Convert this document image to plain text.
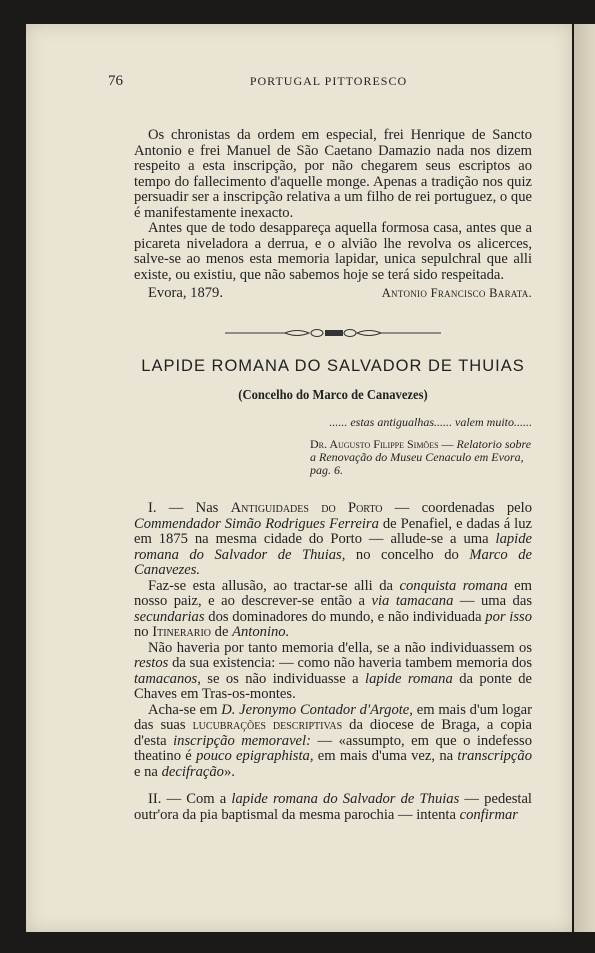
76	PORTUGAL PITTORESCO

Os chronistas da ordem em especial, frei Henrique de Sancto Antonio e frei Manuel de São Caetano Damazio nada nos dizem respeito a esta inscripção, por não chegarem seus escriptos ao tempo do fallecimento d'aquelle monge. Apenas a tradição nos quiz persuadir ser a inscripção relativa a um filho de rei portuguez, o que é manifestamente inexacto.

Antes que de todo desappareça aquella formosa casa, antes que a picareta niveladora a derrua, e o alvião lhe revolva os alicerces, salve-se ao menos esta memoria lapidar, unica sepulchral que alli existe, ou existiu, que não sabemos hoje se terá sido respeitada.

Evora, 1879.	Antonio Francisco Barata.
LAPIDE ROMANA DO SALVADOR DE THUIAS
(Concelho do Marco de Canavezes)
...... estas antigualhas...... valem muito......
Dr. Augusto Filippe Simões — Relatorio sobre a Renovação do Museu Cenaculo em Evora, pag. 6.

I. — Nas Antiguidades do Porto — coordenadas pelo Commendador Simão Rodrigues Ferreira de Penafiel, e dadas á luz em 1875 na mesma cidade do Porto — allude-se a uma lapide romana do Salvador de Thuias, no concelho do Marco de Canavezes.

Faz-se esta allusão, ao tractar-se alli da conquista romana em nosso paiz, e ao descrever-se então a via tamacana — uma das secundarias dos dominadores do mundo, e não individuada por isso no Itinerario de Antonino.

Não haveria por tanto memoria d'ella, se a não individuassem os restos da sua existencia: — como não haveria tambem memoria dos tamacanos, se os não individuasse a lapide romana da ponte de Chaves em Tras-os-montes.

Acha-se em D. Jeronymo Contador d'Argote, em mais d'um logar das suas lucubrações descriptivas da diocese de Braga, a copia d'esta inscripção memoravel: — «assumpto, em que o indefesso theatino é pouco epigraphista, em mais d'uma vez, na transcripção e na decifração».

II. — Com a lapide romana do Salvador de Thuias — pedestal outr'ora da pia baptismal da mesma parochia — intenta confirmar
